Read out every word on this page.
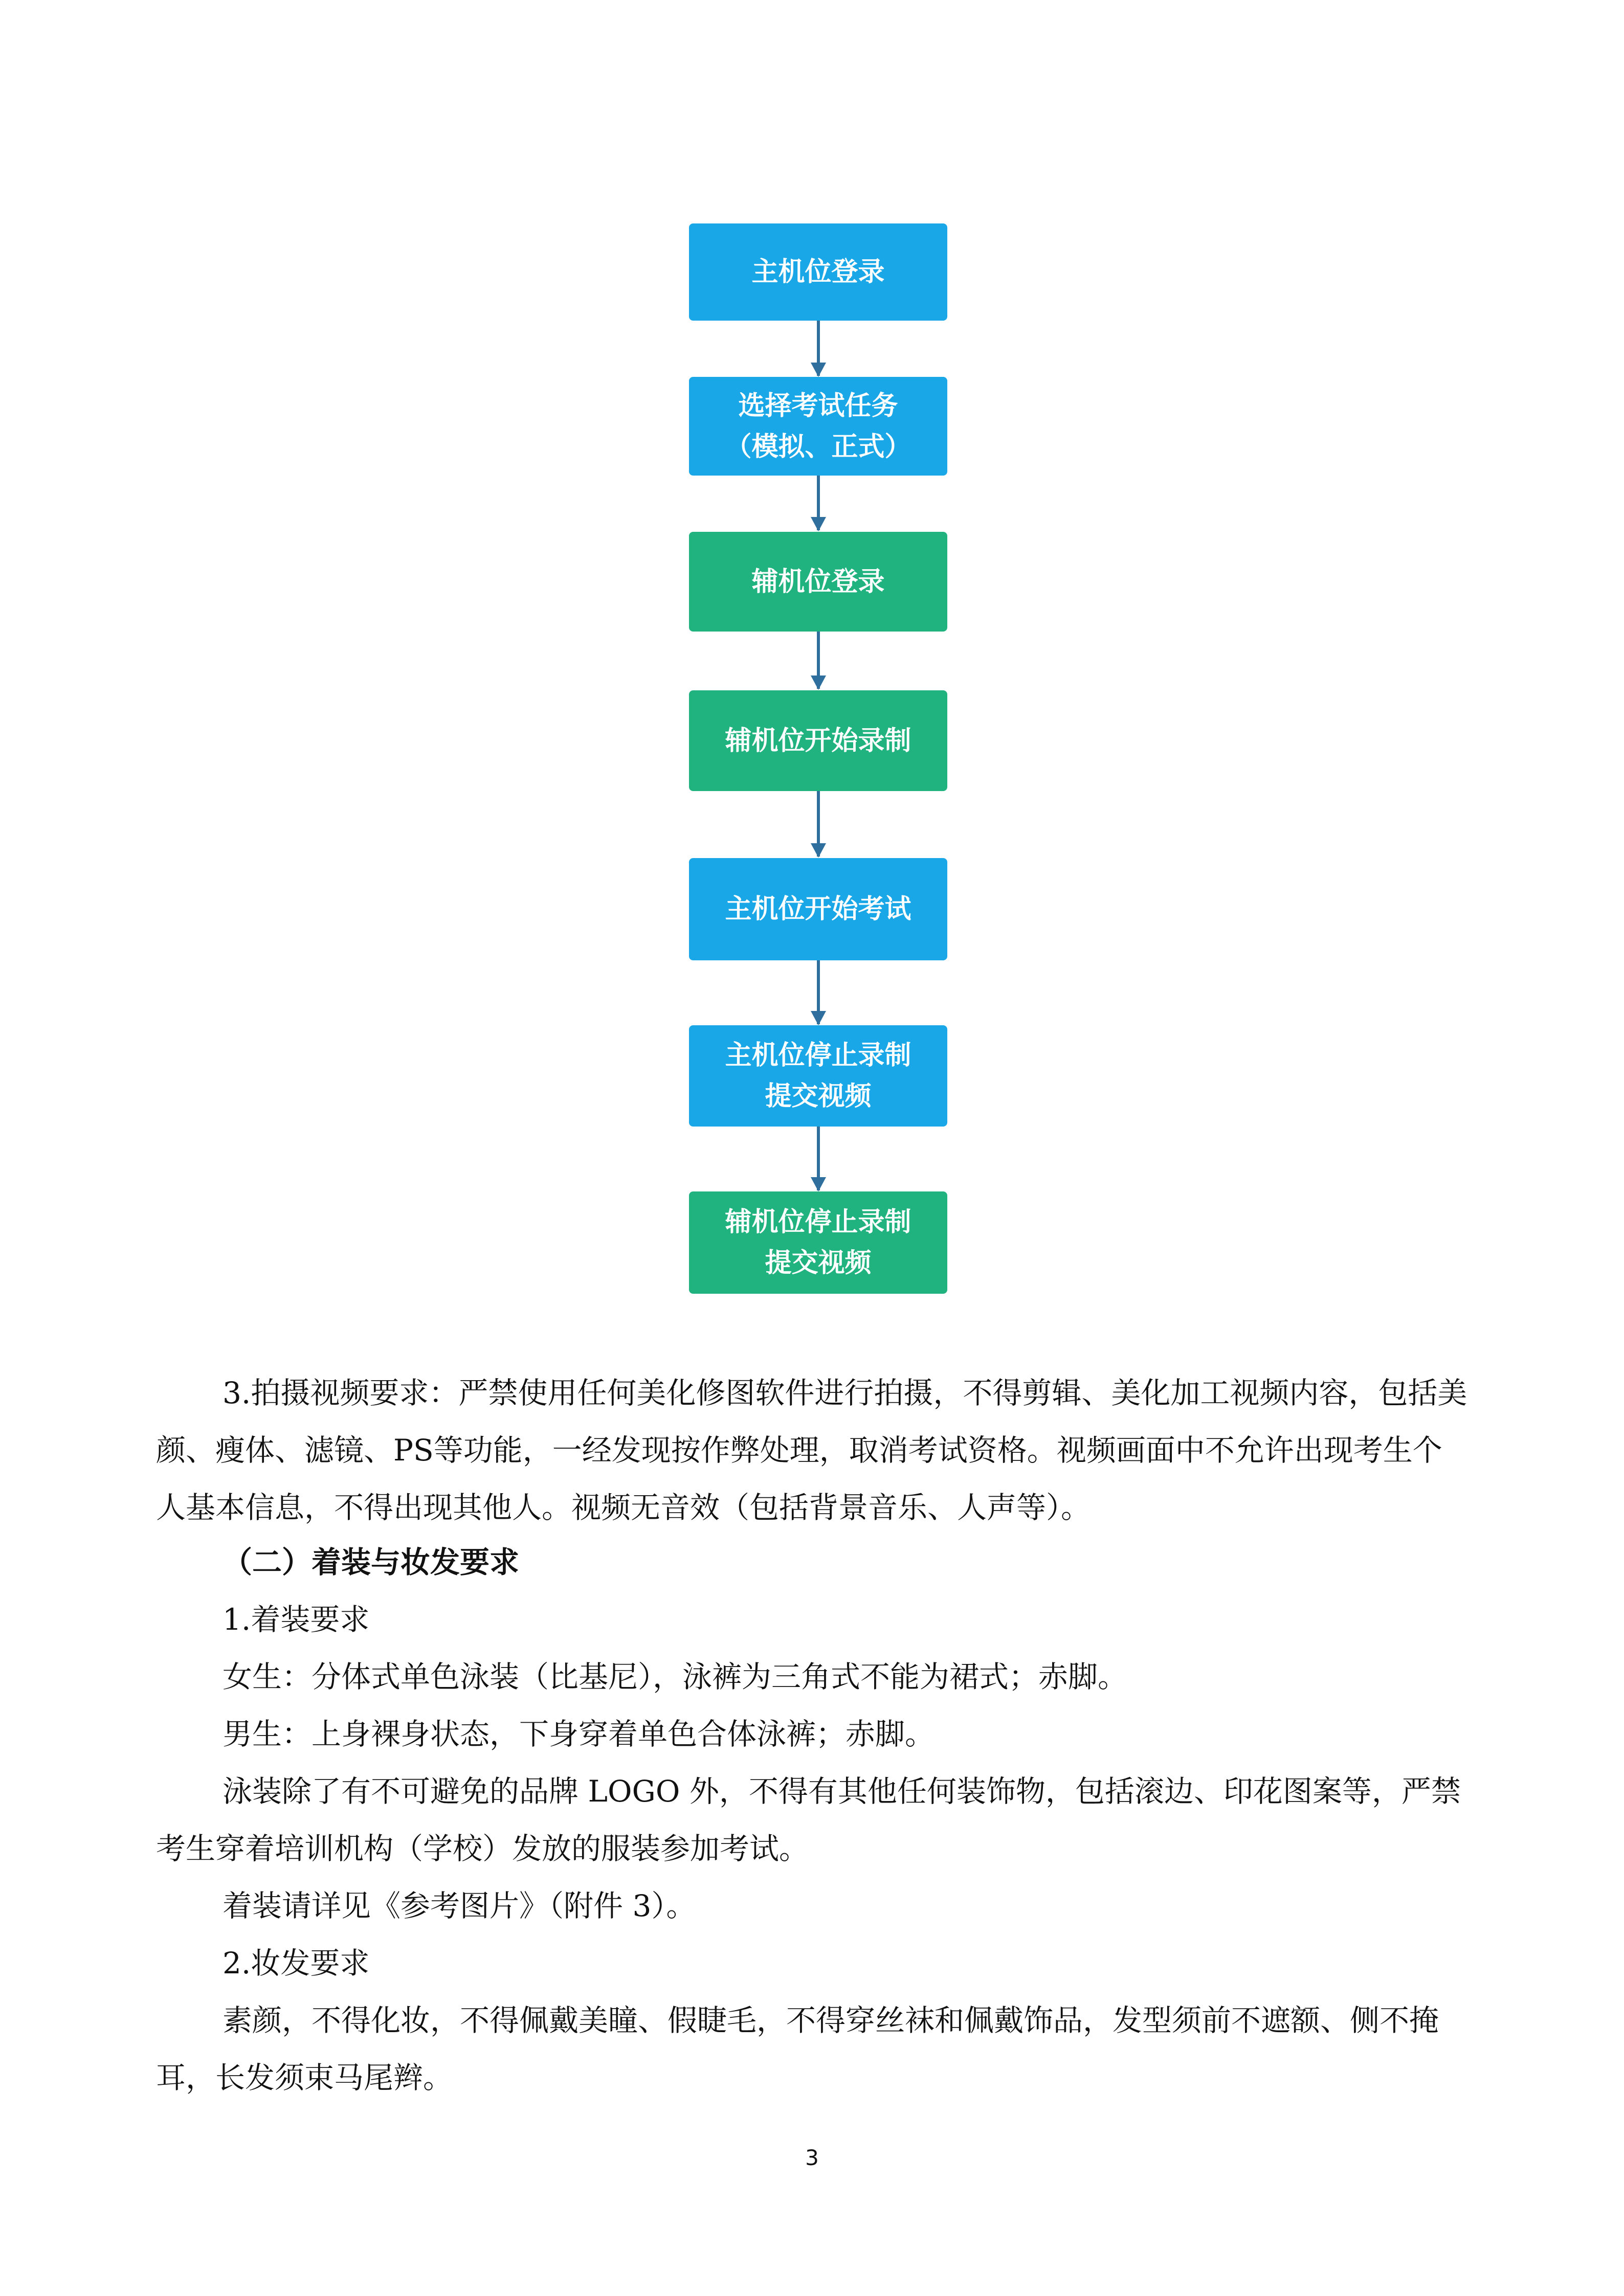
主机位登录
选择考试任务
（模拟、正式）
辅机位登录
辅机位开始录制
主机位开始考试
主机位停止录制
提交视频
辅机位停止录制
提交视频

3.拍摄视频要求：严禁使用任何美化修图软件进行拍摄，不得剪辑、美化加工视频内容，包括美颜、瘦体、滤镜、PS等功能，一经发现按作弊处理，取消考试资格。视频画面中不允许出现考生个人基本信息，不得出现其他人。视频无音效（包括背景音乐、人声等）。

（二）着装与妆发要求

1.着装要求

女生：分体式单色泳装（比基尼），泳裤为三角式不能为裙式；赤脚。

男生：上身裸身状态，下身穿着单色合体泳裤；赤脚。

泳装除了有不可避免的品牌 LOGO 外，不得有其他任何装饰物，包括滚边、印花图案等，严禁考生穿着培训机构（学校）发放的服装参加考试。

着装请详见《参考图片》（附件 3）。

2.妆发要求

素颜，不得化妆，不得佩戴美瞳、假睫毛，不得穿丝袜和佩戴饰品，发型须前不遮额、侧不掩耳，长发须束马尾辫。

3
